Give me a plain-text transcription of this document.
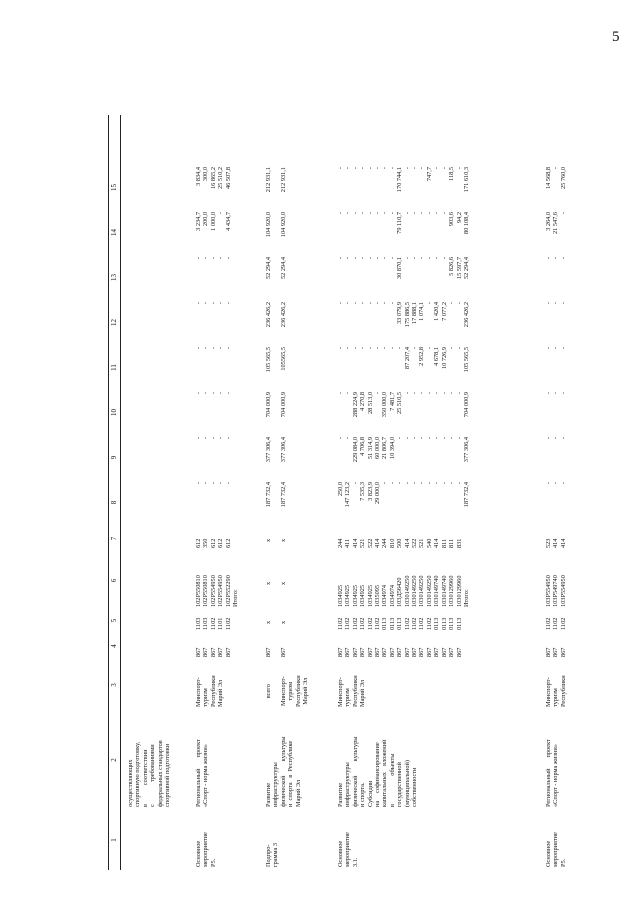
5
1
2
3
4
5
6
7
8
9
10
11
12
13
14
15
осуществляющих
спортивную подготовку,
в            соответствии
с              требованиями
федеральных стандартов
спортивной подготовки
Основное
мероприятие
Р5.
Региональный       проект
«Спорт - норма жизни»
Минспорт-
туризм
Республики
Марий Эл
867
867
867
867
867
1103
1103
1102
1101
1102
102Р550810
102Р550810
102Р554950
102Р554950
102Р552290
Итого:
612
350
612
612
612
-
-
-
-
-
-
-
-
-
-
-
-
-
-
-
-
-
-
-
-
-
-
-
-
-
-
-
-
-
-
3 234,7
200,0
1 000,0
-
4 434,7
3 834,4
300,0
16 865,2
25 510,2
46 507,8
Подпро-
грамма 3
Развитие
инфраструктуры
физической         культуры
и  спорта   в  Республике
Марий Эл
всего

Минспорт-
туризм
Республики
Марий Эл
867

867
х

х
х

х
х

х
187 732,4

187 732,4
377 306,4

377 306,4
704 000,9

704 000,9
105 565,5

105565,5
236 426,2

236 426,2
52 294,4

52 294,4
104 920,0

104 920,0
212 931,1

212 931,1
Основное
мероприятие
3.1.
Развитие
инфраструктуры
физической         культуры
и спорта.
Субсидии
на     софинансирование
капитальных    вложений
в                  объекты
государственной
(муниципальной)
собственности
Минспорт-
туризм
Республики
Марий Эл
867
867
867
867
867
867
867
867
867
867
867
867
867
867
867
867
867
1102
1102
1102
1102
1102
1102
0113
0113
0113
1102
1102
1102
1102
0113
0113
0113
0113
1034925
1034925
1034925
1034925
1034925
1035095
1034974
1034974
103Д56420
1030149250
1030149250
1030149250
1030149250
1030149740
1030149740
1030129960
1030129960
Итого:
244
411
414
521
522
414
244
810
500
414
522
521
540
414
811
811
831
250,0
147 123,2
-
7 535,3
3 823,9
29 000,0
-
-
-
-
-
-
-
-
-
-
-
187 732,4
-
-
229 084,0
4 706,8
51 314,9
60 000,0
21 806,7
10 394,0
-
-
-
-
-
-
-
-
-
377 306,4
-
-
288 224,9
4 270,8
28 513,0
-
350 000,0
7 481,7
25 510,5
-
-
-
-
-
-
-
-
704 000,9
-
-
-
-
-
-
-
-
-
87 207,4
-
2 952,8
-
4 678,1
10 726,9
-
-
105 565,5
-
-
-
-
-
-
-
-
33 079,9
175 886,5
17 888,1
1 074,1
-
1 420,4
7 077,2
-
-
236 426,2
-
-
-
-
-
-
-
-
30 870,1
-
-
-
-
-
-
5 826,6
15 597,7
52 294,4
-
-
-
-
-
-
-
-
79 110,7
-
-
-
-
-
-
903,6
94,2
80 108,4
-
-
-
-
-
-
-
-
170 744,1
-
-
-
747,7
-
-
118,5
-
171 610,3
Основное
мероприятие
Р5.
Региональный       проект
«Спорт - норма жизни»
Минспорт-
туризм
Республики
867
867
867
1102
1102
1102
103Р554950
103Р549740
103Р554950
523
414
414
-
-
-
-
-
-
-
-
-
-
-
-
-
-
-
-
-
-
3 264,0
21 547,6
-
14 568,8
-
25 760,0
